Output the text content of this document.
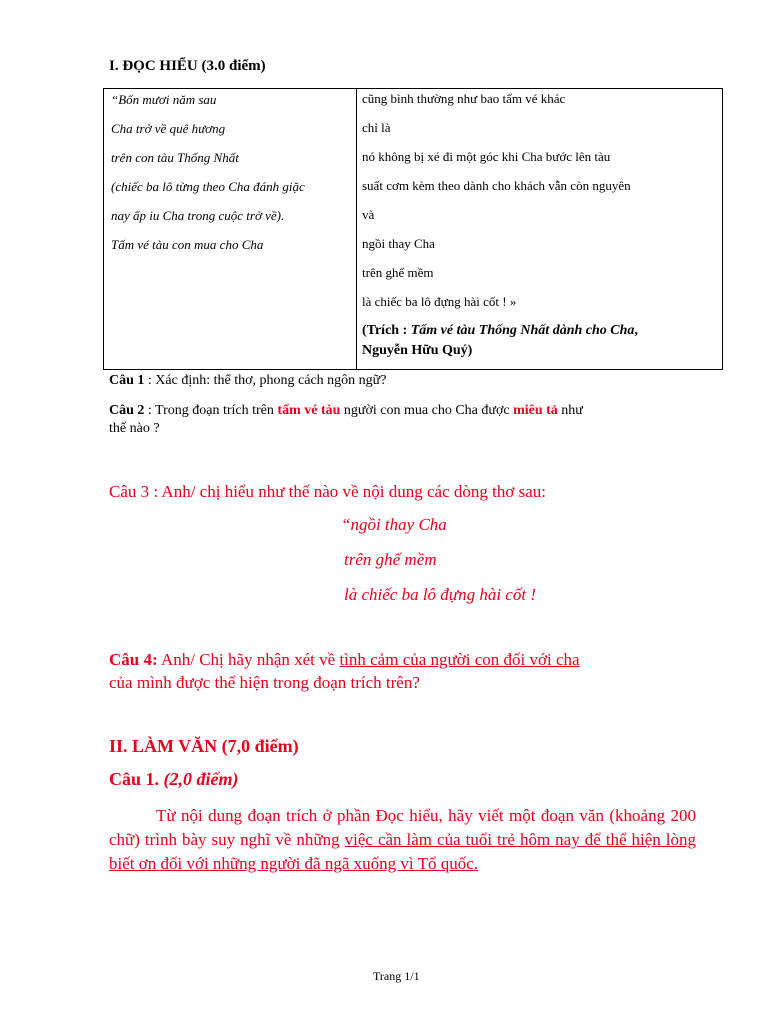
I. ĐỌC HIỂU (3.0 điểm)
“Bốn mươi năm sau
Cha trở về quê hương
trên con tàu Thống Nhất
(chiếc ba lô từng theo Cha đánh giặc
nay ấp iu Cha trong cuộc trở về).
Tấm vé tàu con mua cho Cha
cũng bình thường như bao tấm vé khác
chỉ là
nó không bị xé đi một góc khi Cha bước lên tàu
suất cơm kèm theo dành cho khách vẫn còn nguyên
và
ngồi thay Cha
trên ghế mềm
là chiếc ba lô đựng hài cốt ! »
(Trích : Tấm vé tàu Thống Nhất dành cho Cha,
Nguyễn Hữu Quý)
Câu 1 : Xác định: thể thơ, phong cách ngôn ngữ?
Câu 2 : Trong đoạn trích trên tấm vé tàu người con mua cho Cha được miêu tả như
thế nào ?
Câu 3 : Anh/ chị hiểu như thế nào về nội dung các dòng thơ sau:
“ngồi thay Cha
trên ghế mềm
là chiếc ba lô đựng hài cốt !
Câu 4: Anh/ Chị hãy nhận xét về tình cảm của người con đối với cha
của mình được thể hiện trong đoạn trích trên?
II. LÀM VĂN (7,0 điểm)
Câu 1. (2,0 điểm)
Từ nội dung đoạn trích ở phần Đọc hiểu, hãy viết một đoạn văn (khoảng 200 chữ) trình bày suy nghĩ về những việc cần làm của tuổi trẻ hôm nay để thể hiện lòng biết ơn đối với những người đã ngã xuống vì Tổ quốc.
Trang 1/1
